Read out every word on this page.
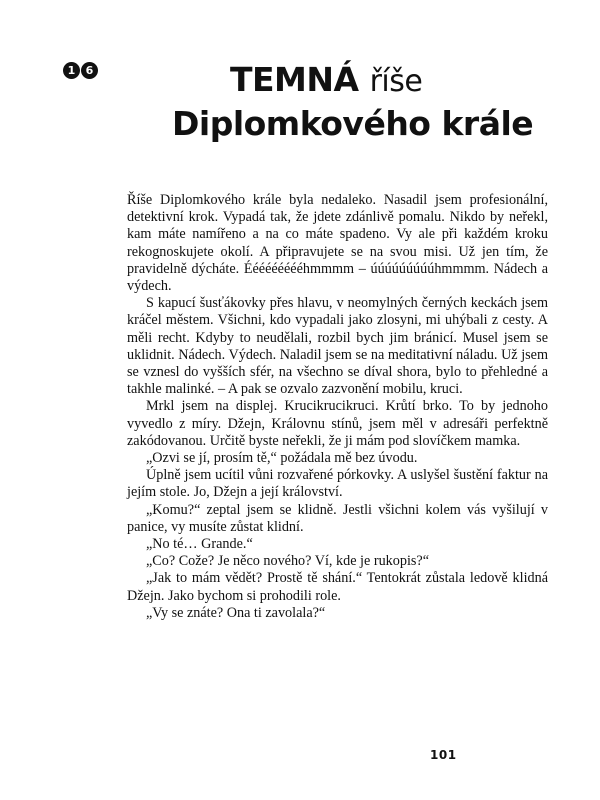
TEMNÁ říše
Diplomkového krále
1 6

Říše Diplomkového krále byla nedaleko. Nasadil jsem profesionální, detektivní krok. Vypadá tak, že jdete zdánlivě pomalu. Nikdo by neřekl, kam máte namířeno a na co máte spadeno. Vy ale při každém kroku rekognoskujete okolí. A připravujete se na svou misi. Už jen tím, že pravidelně dýcháte. Éééééééééhmmmm – úúúúúúúúúhmmmm. Nádech a výdech.

S kapucí šusťákovky přes hlavu, v neomylných černých keckách jsem kráčel městem. Všichni, kdo vypadali jako zlosyni, mi uhýbali z cesty. A měli recht. Kdyby to neudělali, rozbil bych jim bránicí. Musel jsem se uklidnit. Nádech. Výdech. Naladil jsem se na meditativní náladu. Už jsem se vznesl do vyšších sfér, na všechno se díval shora, bylo to přehledné a takhle malinké. – A pak se ozvalo zazvonění mobilu, kruci.

Mrkl jsem na displej. Krucikrucikruci. Krůtí brko. To by jednoho vyvedlo z míry. Džejn, Královnu stínů, jsem měl v adresáři perfektně zakódovanou. Určitě byste neřekli, že ji mám pod slovíčkem mamka.

„Ozvi se jí, prosím tě,“ požádala mě bez úvodu.

Úplně jsem ucítil vůni rozvařené pórkovky. A uslyšel šustění faktur na jejím stole. Jo, Džejn a její království.

„Komu?“ zeptal jsem se klidně. Jestli všichni kolem vás vyšilují v panice, vy musíte zůstat klidní.

„No té… Grande.“

„Co? Cože? Je něco nového? Ví, kde je rukopis?“

„Jak to mám vědět? Prostě tě shání.“ Tentokrát zůstala ledově klidná Džejn. Jako bychom si prohodili role.

„Vy se znáte? Ona ti zavolala?“

101
